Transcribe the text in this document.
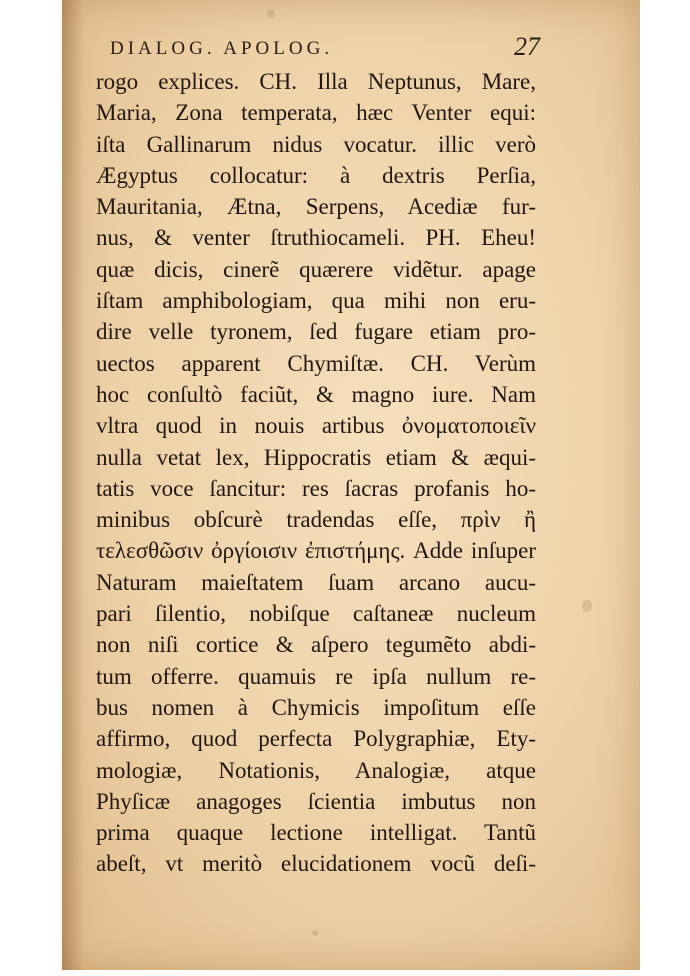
DIALOG. APOLOG.	27
rogo explices. CH. Illa Neptunus, Mare,
Maria, Zona temperata, hæc Venter equi:
iſta Gallinarum nidus vocatur. illic verò
Ægyptus collocatur: à dextris Perſia,
Mauritania, Ætna, Serpens, Acediæ fur-
nus, & venter ſtruthiocameli. PH. Eheu!
quæ dicis, cinerẽ quærere vidẽtur. apage
iſtam amphibologiam, qua mihi non eru-
dire velle tyronem, ſed fugare etiam pro-
uectos apparent Chymiſtæ. CH. Verùm
hoc conſultò faciũt, & magno iure. Nam
vltra quod in nouis artibus ὀνοματοποιεῖν
nulla vetat lex, Hippocratis etiam & æqui-
tatis voce ſancitur: res ſacras profanis ho-
minibus obſcurè tradendas eſſe, πρὶν ἢ
τελεσθῶσιν ὀργίοισιν ἐπιστήμης. Adde inſuper
Naturam maieſtatem ſuam arcano aucu-
pari ſilentio, nobiſque caſtaneæ nucleum
non niſi cortice & aſpero tegumẽto abdi-
tum offerre. quamuis re ipſa nullum re-
bus nomen à Chymicis impoſitum eſſe
affirmo, quod perfecta Polygraphiæ, Ety-
mologiæ, Notationis, Analogiæ, atque
Phyſicæ anagoges ſcientia imbutus non
prima quaque lectione intelligat. Tantũ
abeſt, vt meritò elucidationem vocũ deſi-
